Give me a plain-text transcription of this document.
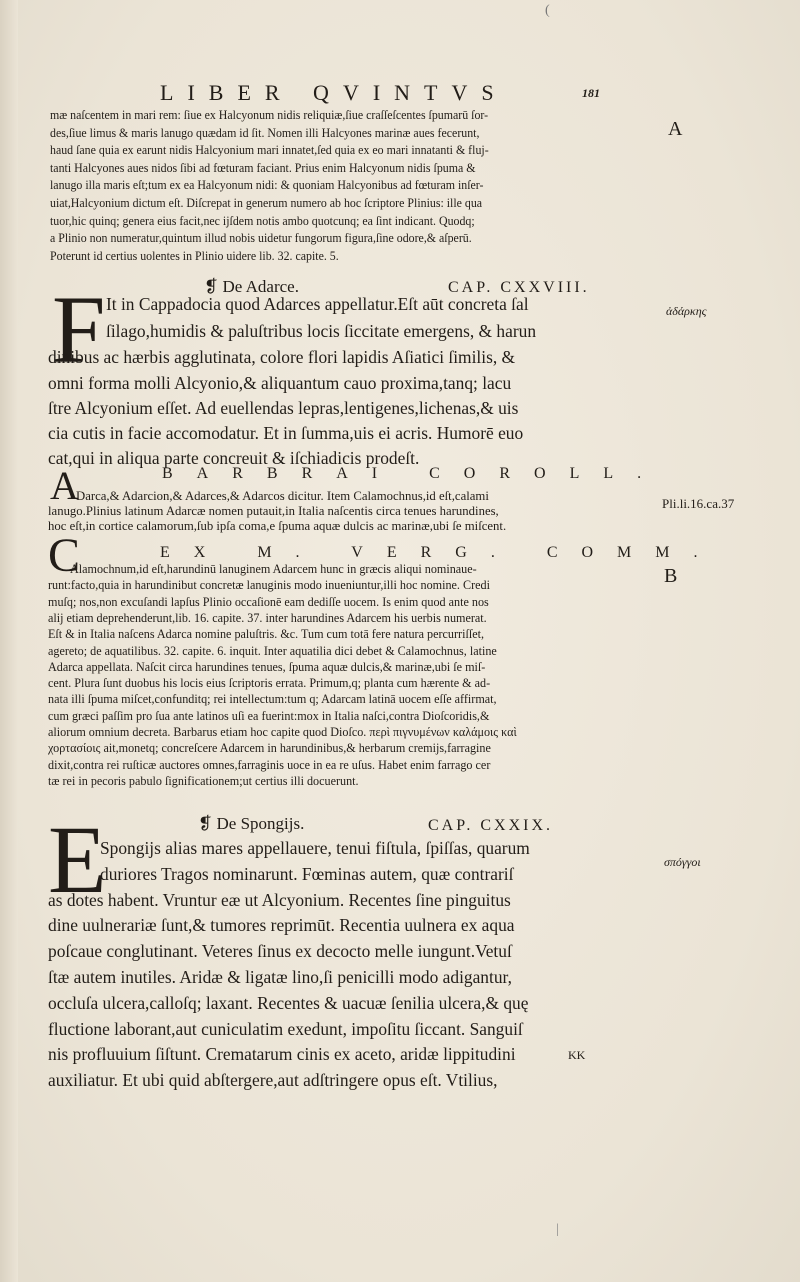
LIBER QVINTVS	181
mæ naſcentem in mari rem: ſiue ex Halcyonum nidis reliquiæ,ſiue craſſeſcentes ſpumarū ſor-
des,ſiue limus & maris lanugo quædam id ſit. Nomen illi Halcyones marinæ aues fecerunt,
haud ſane quia ex earunt nidis Halcyonium mari innatet,ſed quia ex eo mari innatanti & fluj-
tanti Halcyones aues nidos ſibi ad fœturam faciant. Prius enim Halcyonum nidis ſpuma &
lanugo illa maris eſt;tum ex ea Halcyonum nidi: & quoniam Halcyonibus ad fœturam inſer-
uiat,Halcyonium dictum eſt. Diſcrepat in generum numero ab hoc ſcriptore Plinius: ille qua
tuor,hic quinq; genera eius facit,nec ijſdem notis ambo quotcunq; ea ſint indicant. Quodq;
a Plinio non numeratur,quintum illud nobis uidetur fungorum figura,ſine odore,& aſperū.
Poterunt id certius uolentes in Plinio uidere lib. 32. capite. 5.
A
❡ De Adarce.	CAP. CXXVIII.
F It in Cappadocia quod Adarces appellatur.Eſt aūt concreta ſal
ſilago,humidis & paluſtribus locis ſiccitate emergens, & harun
dinibus ac hærbis agglutinata, colore flori lapidis Aſiatici ſimilis, &
omni forma molli Alcyonio,& aliquantum cauo proxima,tanq; lacu
ſtre Alcyonium eſſet. Ad euellendas lepras,lentigenes,lichenas,& uis
cia cutis in facie accomodatur. Et in ſumma,uis ei acris. Humorē euo
cat,qui in aliqua parte concreuit & iſchiadicis prodeſt.
ἀδάρκης
A	BARBRAI COROLL.
Darca,& Adarcion,& Adarces,& Adarcos dicitur. Item Calamochnus,id eſt,calami
lanugo.Plinius latinum Adarcæ nomen putauit,in Italia naſcentis circa tenues harundines,
hoc eſt,in cortice calamorum,ſub ipſa coma,e ſpuma aquæ dulcis ac marinæ,ubi ſe miſcent.
Pli.li.16.ca.37
C	EX M. VERG. COMM.
Alamochnum,id eſt,harundinū lanuginem Adarcem hunc in græcis aliqui nominaue-
runt:facto,quia in harundinibut concretæ lanuginis modo inueniuntur,illi hoc nomine. Credi
muſq; nos,non excuſandi lapſus Plinio occaſionē eam dediſſe uocem. Is enim quod ante nos
alij etiam deprehenderunt,lib. 16. capite. 37. inter harundines Adarcem his uerbis numerat.
Eſt & in Italia naſcens Adarca nomine paluſtris. &c. Tum cum totā fere natura percurriſſet,
agereto; de aquatilibus. 32. capite. 6. inquit. Inter aquatilia dici debet & Calamochnus, latine
Adarca appellata. Naſcit circa harundines tenues, ſpuma aquæ dulcis,& marinæ,ubi ſe miſ-
cent. Plura ſunt duobus his locis eius ſcriptoris errata. Primum,q; planta cum hærente & ad-
nata illi ſpuma miſcet,confunditq; rei intellectum:tum q; Adarcam latinā uocem eſſe affirmat,
cum græci paſſim pro ſua ante latinos uſi ea fuerint:mox in Italia naſci,contra Dioſcoridis,&
aliorum omnium decreta. Barbarus etiam hoc capite quod Dioſco. περὶ πιγνυμένων καλάμοις καὶ
χορτασίοις ait,monetq; concreſcere Adarcem in harundinibus,& herbarum cremijs,farragine
dixit,contra rei ruſticæ auctores omnes,farraginis uoce in ea re uſus. Habet enim farrago cer
tæ rei in pecoris pabulo ſignificationem;ut certius illi docuerunt.
B
❡ De Spongijs.	CAP. CXXIX.
E
Spongijs alias mares appellauere, tenui fiſtula, ſpiſſas, quarum
duriores Tragos nominarunt. Fœminas autem, quæ contrariſ
as dotes habent. Vruntur eæ ut Alcyonium. Recentes ſine pinguitus
dine uulnerariæ ſunt,& tumores reprimūt. Recentia uulnera ex aqua
poſcaue conglutinant. Veteres ſinus ex decocto melle iungunt.Vetuſ
ſtæ autem inutiles. Aridæ & ligatæ lino,ſi penicilli modo adigantur,
occluſa ulcera,calloſq; laxant. Recentes & uacuæ ſenilia ulcera,& quę
fluctione laborant,aut cuniculatim exedunt, impoſitu ſiccant. Sanguiſ
nis profluuium ſiſtunt. Crematarum cinis ex aceto, aridæ lippitudini
auxiliatur. Et ubi quid abſtergere,aut adſtringere opus eſt. Vtilius,
σπόγγοι
KK
(
|
